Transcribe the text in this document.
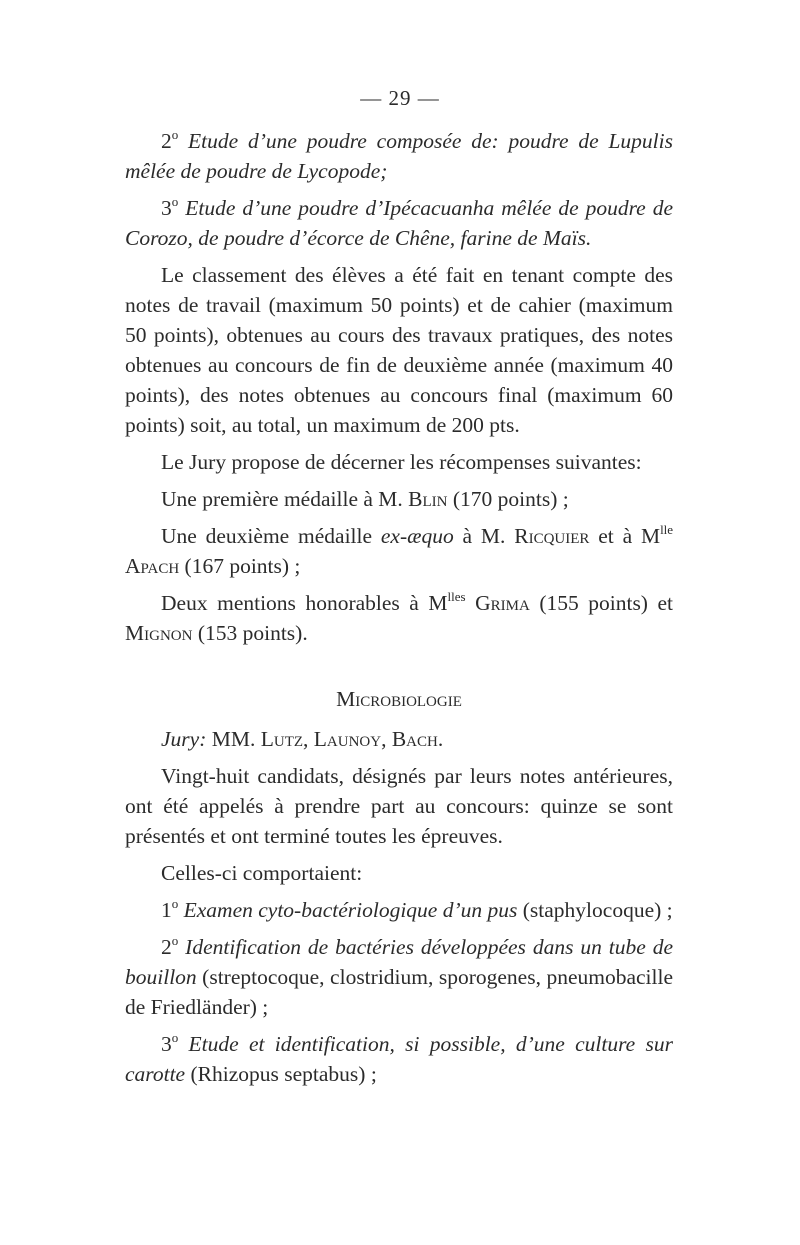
— 29 —

2$^o$ Etude d’une poudre composée de: poudre de Lupulis mêlée de poudre de Lycopode;

3$^o$ Etude d’une poudre d’Ipécacuanha mêlée de poudre de Corozo, de poudre d’écorce de Chêne, farine de Maïs.

Le classement des élèves a été fait en tenant compte des notes de travail (maximum 50 points) et de cahier (maximum 50 points), obtenues au cours des travaux pratiques, des notes obtenues au concours de fin de deuxième année (maximum 40 points), des notes obtenues au concours final (maximum 60 points) soit, au total, un maximum de 200 pts.

Le Jury propose de décerner les récompenses suivantes:

Une première médaille à M. Blin (170 points) ;

Une deuxième médaille ex-æquo à M. Ricquier et à $M^{lle}$ Apach (167 points) ;

Deux mentions honorables à $M^{lles}$ Grima (155 points) et Mignon (153 points).

Microbiologie

Jury: MM. Lutz, Launoy, Bach.

Vingt-huit candidats, désignés par leurs notes antérieures, ont été appelés à prendre part au concours: quinze se sont présentés et ont terminé toutes les épreuves.

Celles-ci comportaient:

1$^o$ Examen cyto-bactériologique d’un pus (staphylocoque) ;

2$^o$ Identification de bactéries développées dans un tube de bouillon (streptocoque, clostridium, sporogenes, pneumobacille de Friedländer) ;

3$^o$ Etude et identification, si possible, d’une culture sur carotte (Rhizopus septabus) ;
